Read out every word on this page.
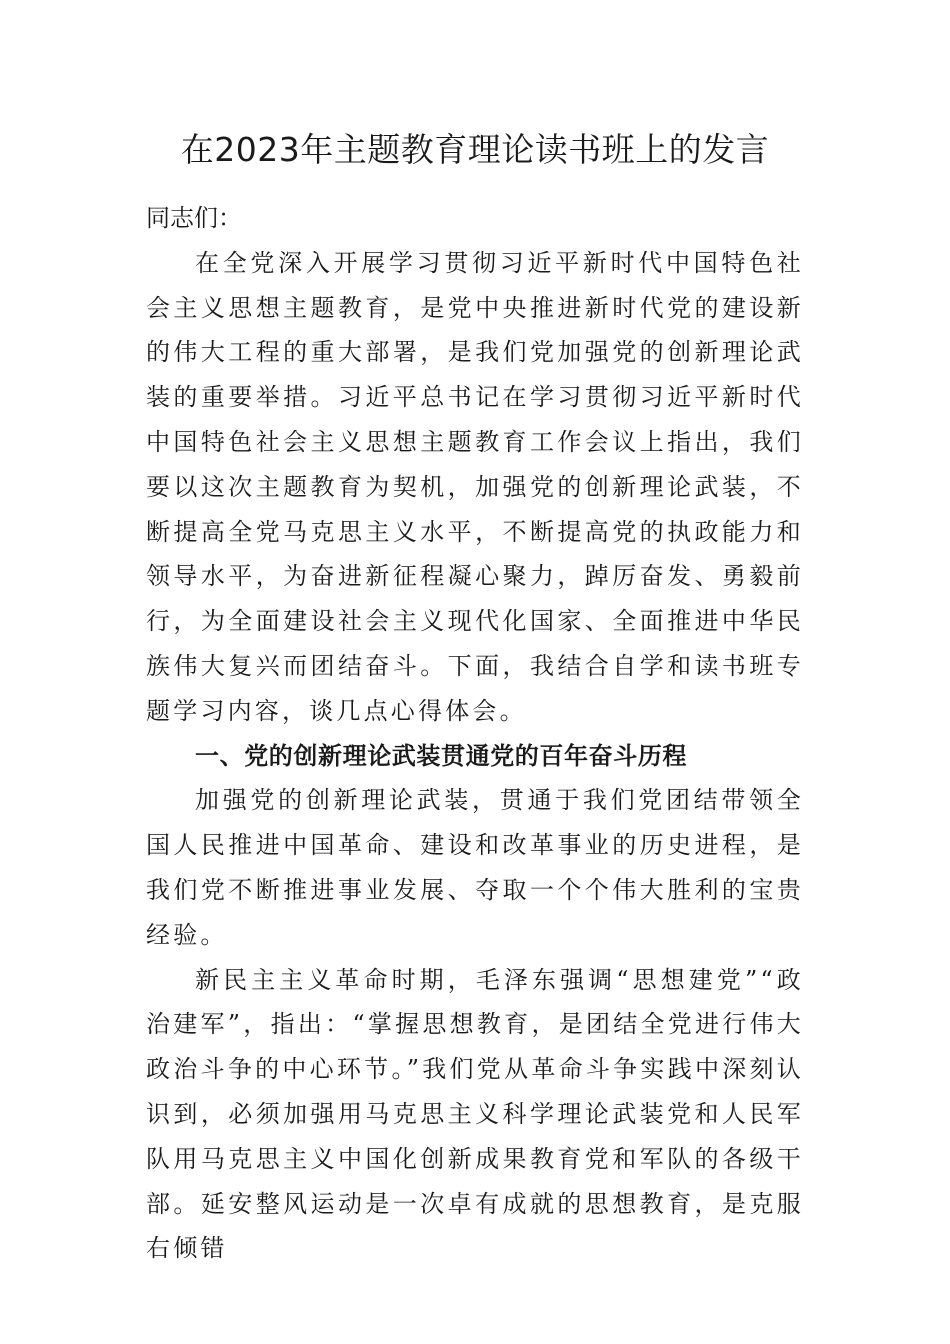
在2023年主题教育理论读书班上的发言

同志们：

在全党深入开展学习贯彻习近平新时代中国特色社会主义思想主题教育，是党中央推进新时代党的建设新的伟大工程的重大部署，是我们党加强党的创新理论武装的重要举措。习近平总书记在学习贯彻习近平新时代中国特色社会主义思想主题教育工作会议上指出，我们要以这次主题教育为契机，加强党的创新理论武装，不断提高全党马克思主义水平，不断提高党的执政能力和领导水平，为奋进新征程凝心聚力，踔厉奋发、勇毅前行，为全面建设社会主义现代化国家、全面推进中华民族伟大复兴而团结奋斗。下面，我结合自学和读书班专题学习内容，谈几点心得体会。

一、党的创新理论武装贯通党的百年奋斗历程

加强党的创新理论武装，贯通于我们党团结带领全国人民推进中国革命、建设和改革事业的历史进程，是我们党不断推进事业发展、夺取一个个伟大胜利的宝贵经验。

新民主主义革命时期，毛泽东强调“思想建党”“政治建军”，指出：“掌握思想教育，是团结全党进行伟大政治斗争的中心环节。”我们党从革命斗争实践中深刻认识到，必须加强用马克思主义科学理论武装党和人民军队用马克思主义中国化创新成果教育党和军队的各级干部。延安整风运动是一次卓有成就的思想教育，是克服右倾错
